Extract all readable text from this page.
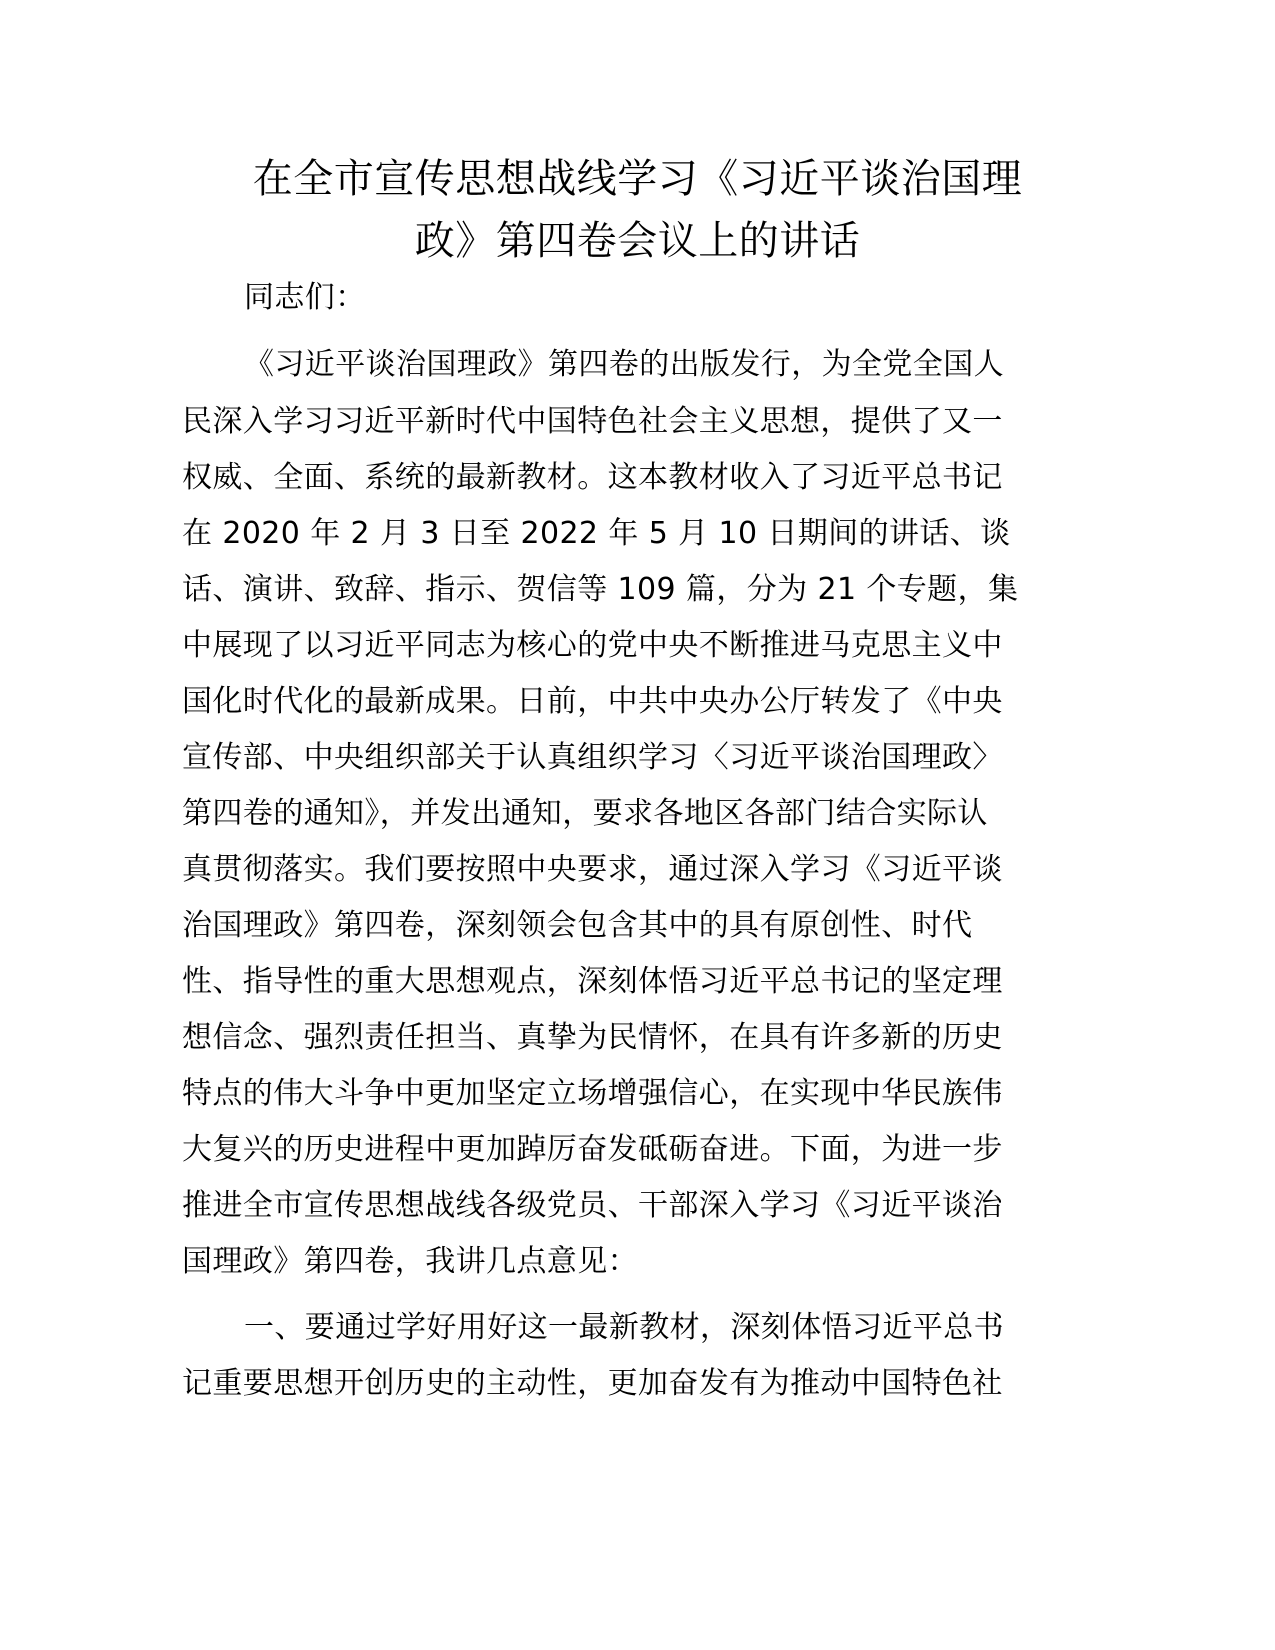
在全市宣传思想战线学习《习近平谈治国理
政》第四卷会议上的讲话
同志们：
《习近平谈治国理政》第四卷的出版发行，为全党全国人
民深入学习习近平新时代中国特色社会主义思想，提供了又一
权威、全面、系统的最新教材。这本教材收入了习近平总书记
在 2020 年 2 月 3 日至 2022 年 5 月 10 日期间的讲话、谈
话、演讲、致辞、指示、贺信等 109 篇，分为 21 个专题，集
中展现了以习近平同志为核心的党中央不断推进马克思主义中
国化时代化的最新成果。日前，中共中央办公厅转发了《中央
宣传部、中央组织部关于认真组织学习〈习近平谈治国理政〉
第四卷的通知》，并发出通知，要求各地区各部门结合实际认
真贯彻落实。我们要按照中央要求，通过深入学习《习近平谈
治国理政》第四卷，深刻领会包含其中的具有原创性、时代
性、指导性的重大思想观点，深刻体悟习近平总书记的坚定理
想信念、强烈责任担当、真挚为民情怀，在具有许多新的历史
特点的伟大斗争中更加坚定立场增强信心，在实现中华民族伟
大复兴的历史进程中更加踔厉奋发砥砺奋进。下面，为进一步
推进全市宣传思想战线各级党员、干部深入学习《习近平谈治
国理政》第四卷，我讲几点意见：
一、要通过学好用好这一最新教材，深刻体悟习近平总书
记重要思想开创历史的主动性，更加奋发有为推动中国特色社
